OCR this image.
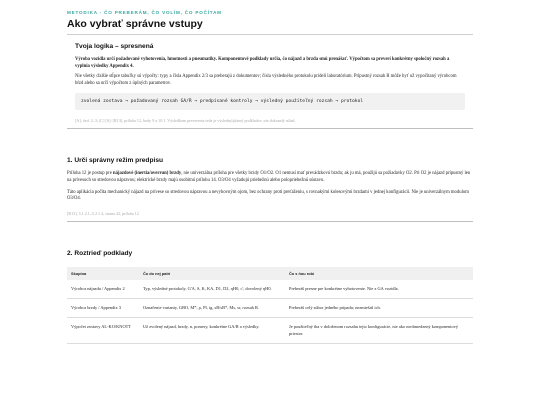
METODIKA · ČO PREBERÁM, ČO VOLÍM, ČO POČÍTAM
Ako vybrať správne vstupy
Tvoja logika – spresnená

Výroba vozidla určí požadované vyhotovenia, hmotnosti a pneumatiky. Komponentové podklady určia, čo nájazd a brzda smú prenášať. Výpočtom sa preverí konkrétny spoločný rozsah a vyplnia výsledky Appendix 4.

Nie všetky ďalšie stĺpce tabuľky sú výpočty: typy a čísla Appendix 2/3 sa preberajú z dokumentov; čísla výsledného protokolu pridelí laboratórium. Prípustný rozsah R môže byť už vypočítaný výrobcom bŕzd alebo sa určí výpočtom z úplných parametrov.

zvolená zostava → požadovaný rozsah GA/R → predpísané kontroly → výsledný použiteľný rozsah → protokol
[A], časť 2–3; [C] [S]; [R13], príloha 12, body 9 a 10.1. Výsledkom preverenia teda je výsledný/platný podkladov, nie dokonalý súlad.
1. Urči správny režim predpisu

Príloha 12 je postup pre nájazdové (inertia/overrun) brzdy, nie univerzálna príloha pre všetky brzdy O1/O2. O1 nemusí mať prevádzkovú brzdu; ak ju má, použijú sa požiadavky O2. Pri O2 je nájazd prípustný len na prívesoch so stredovou nápravou; elektrické brzdy majú osobitnú prílohu 14. O3/O4 vyžadujú priebežnú alebo polopriebežnú sústavu.

Táto aplikácia počíta mechanický nájazd na prívese so stredovou nápravou a nevyhovným ojom, bez ochrany proti preťaženiu, s rovnakými kolesovými brzdami v jednej konfigurácii. Nie je univerzálnym modulom O3/O4.

[R13], 5.1.2.1–5.2.1.4, strana 42, príloha 12
2. Roztrieď podklady
Skupina	Čo do nej patrí	Čo s ňou robí
Výrobca nájazdu / Appendix 2	Typ, výsledné protokoly, G'A, S, K, KA, D1, D2, ηH0, c', dovolený ηH0.	Preberáš presne pre konkrétne vyhotovenie. Nie z GA vozidla.
Výrobca brzdy / Appendix 3	Označenie varianty, GBO, M*, ρ, Pl, ig, sB/sB*, Ms, sr, rozsah R.	Preberáš celý súbor jedného prípadu; nezmiešaš ich.
Výpočet zostavy AL-KO/KNOTT	Už zvolený nájazd, brzdy, n, pomery, konkrétne GA/R a výsledky.	Je použiteľný iba v doloženom rozsahu tejto konfigurácie, nie ako neobmedzený komponentový priestor.
